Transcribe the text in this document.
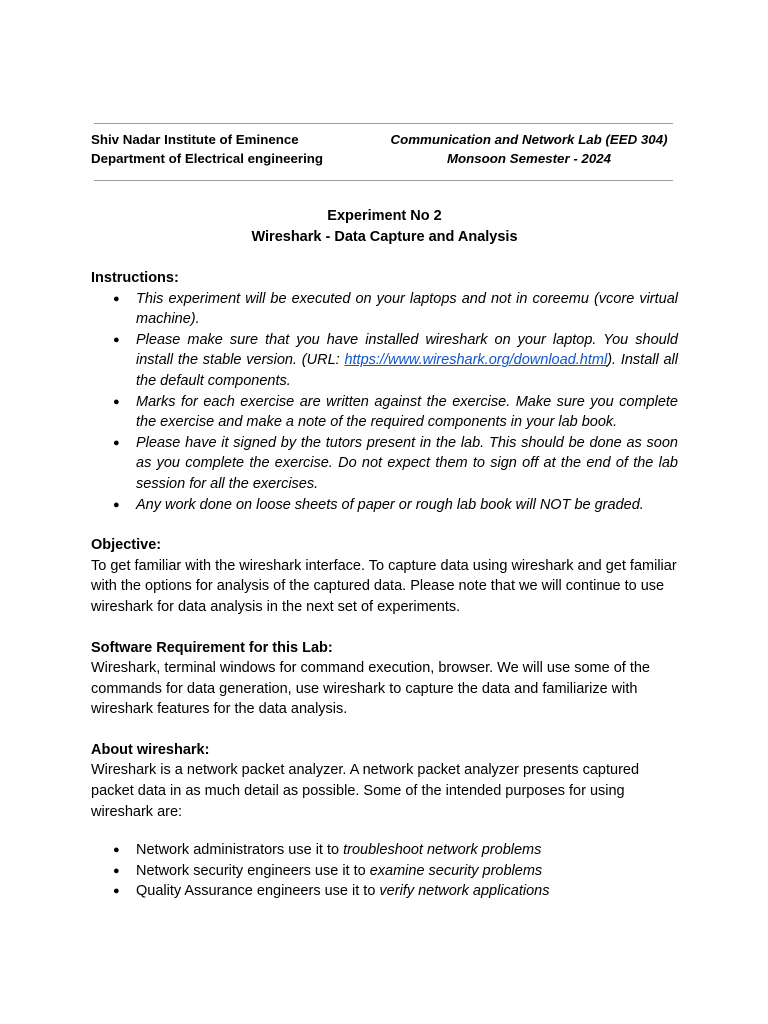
Shiv Nadar Institute of Eminence
Department of Electrical engineering
Communication and Network Lab (EED 304)
Monsoon Semester - 2024
Experiment No 2
Wireshark - Data Capture and Analysis
Instructions:
● This experiment will be executed on your laptops and not in coreemu (vcore virtual machine).
● Please make sure that you have installed wireshark on your laptop. You should install the stable version. (URL: https://www.wireshark.org/download.html). Install all the default components.
● Marks for each exercise are written against the exercise. Make sure you complete the exercise and make a note of the required components in your lab book.
● Please have it signed by the tutors present in the lab. This should be done as soon as you complete the exercise. Do not expect them to sign off at the end of the lab session for all the exercises.
● Any work done on loose sheets of paper or rough lab book will NOT be graded.
Objective:

To get familiar with the wireshark interface. To capture data using wireshark and get familiar with the options for analysis of the captured data. Please note that we will continue to use wireshark for data analysis in the next set of experiments.

Software Requirement for this Lab:

Wireshark, terminal windows for command execution, browser. We will use some of the commands for data generation, use wireshark to capture the data and familiarize with wireshark features for the data analysis.

About wireshark:

Wireshark is a network packet analyzer. A network packet analyzer presents captured packet data in as much detail as possible. Some of the intended purposes for using wireshark are:

● Network administrators use it to troubleshoot network problems
● Network security engineers use it to examine security problems
● Quality Assurance engineers use it to verify network applications
